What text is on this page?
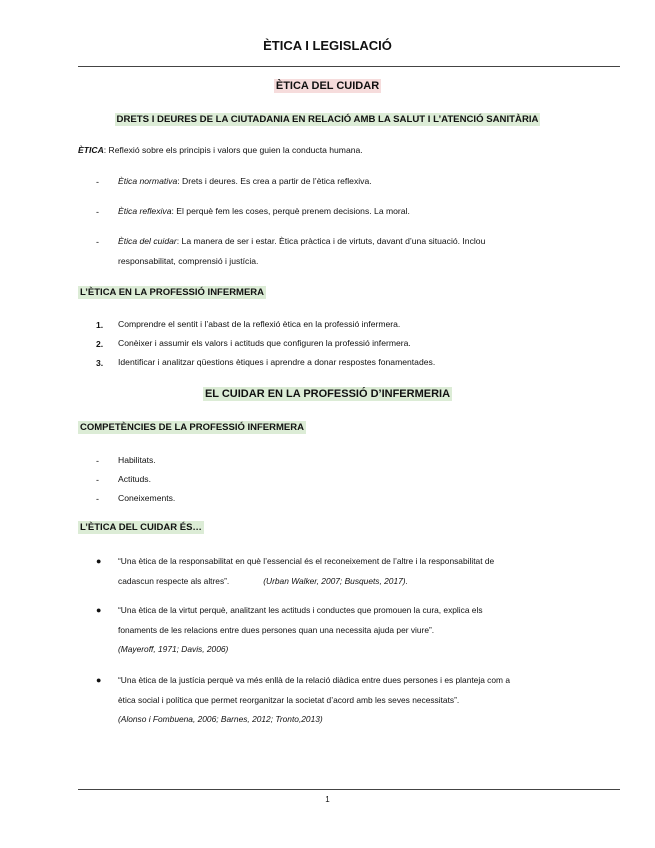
ÈTICA I LEGISLACIÓ
ÈTICA DEL CUIDAR
DRETS I DEURES DE LA CIUTADANIA EN RELACIÓ AMB LA SALUT I L’ATENCIÓ SANITÀRIA
ÈTICA: Reflexió sobre els principis i valors que guien la conducta humana.
- Ètica normativa: Drets i deures. Es crea a partir de l’ètica reflexiva.
- Ètica reflexiva: El perquè fem les coses, perquè prenem decisions. La moral.
- Ètica del cuidar: La manera de ser i estar. Ètica pràctica i de virtuts, davant d’una situació. Inclou
responsabilitat, comprensió i justícia.
L’ÈTICA EN LA PROFESSIÓ INFERMERA
1. Comprendre el sentit i l’abast de la reflexió ètica en la professió infermera.
2. Conèixer i assumir els valors i actituds que configuren la professió infermera.
3. Identificar i analitzar qüestions ètiques i aprendre a donar respostes fonamentades.
EL CUIDAR EN LA PROFESSIÓ D’INFERMERIA
COMPETÈNCIES DE LA PROFESSIÓ INFERMERA
- Habilitats.
- Actituds.
- Coneixements.
L’ÈTICA DEL CUIDAR ÉS…
● “Una ètica de la responsabilitat en què l’essencial és el reconeixement de l’altre i la responsabilitat de
cadascun respecte als altres”.	(Urban Walker, 2007; Busquets, 2017).
● “Una ètica de la virtut perquè, analitzant les actituds i conductes que promouen la cura, explica els
fonaments de les relacions entre dues persones quan una necessita ajuda per viure”.
(Mayeroff, 1971; Davis, 2006)
● “Una ètica de la justícia perquè va més enllà de la relació diàdica entre dues persones i es planteja com a
ètica social i política que permet reorganitzar la societat d’acord amb les seves necessitats”.
(Alonso i Fombuena, 2006; Barnes, 2012; Tronto,2013)
1
